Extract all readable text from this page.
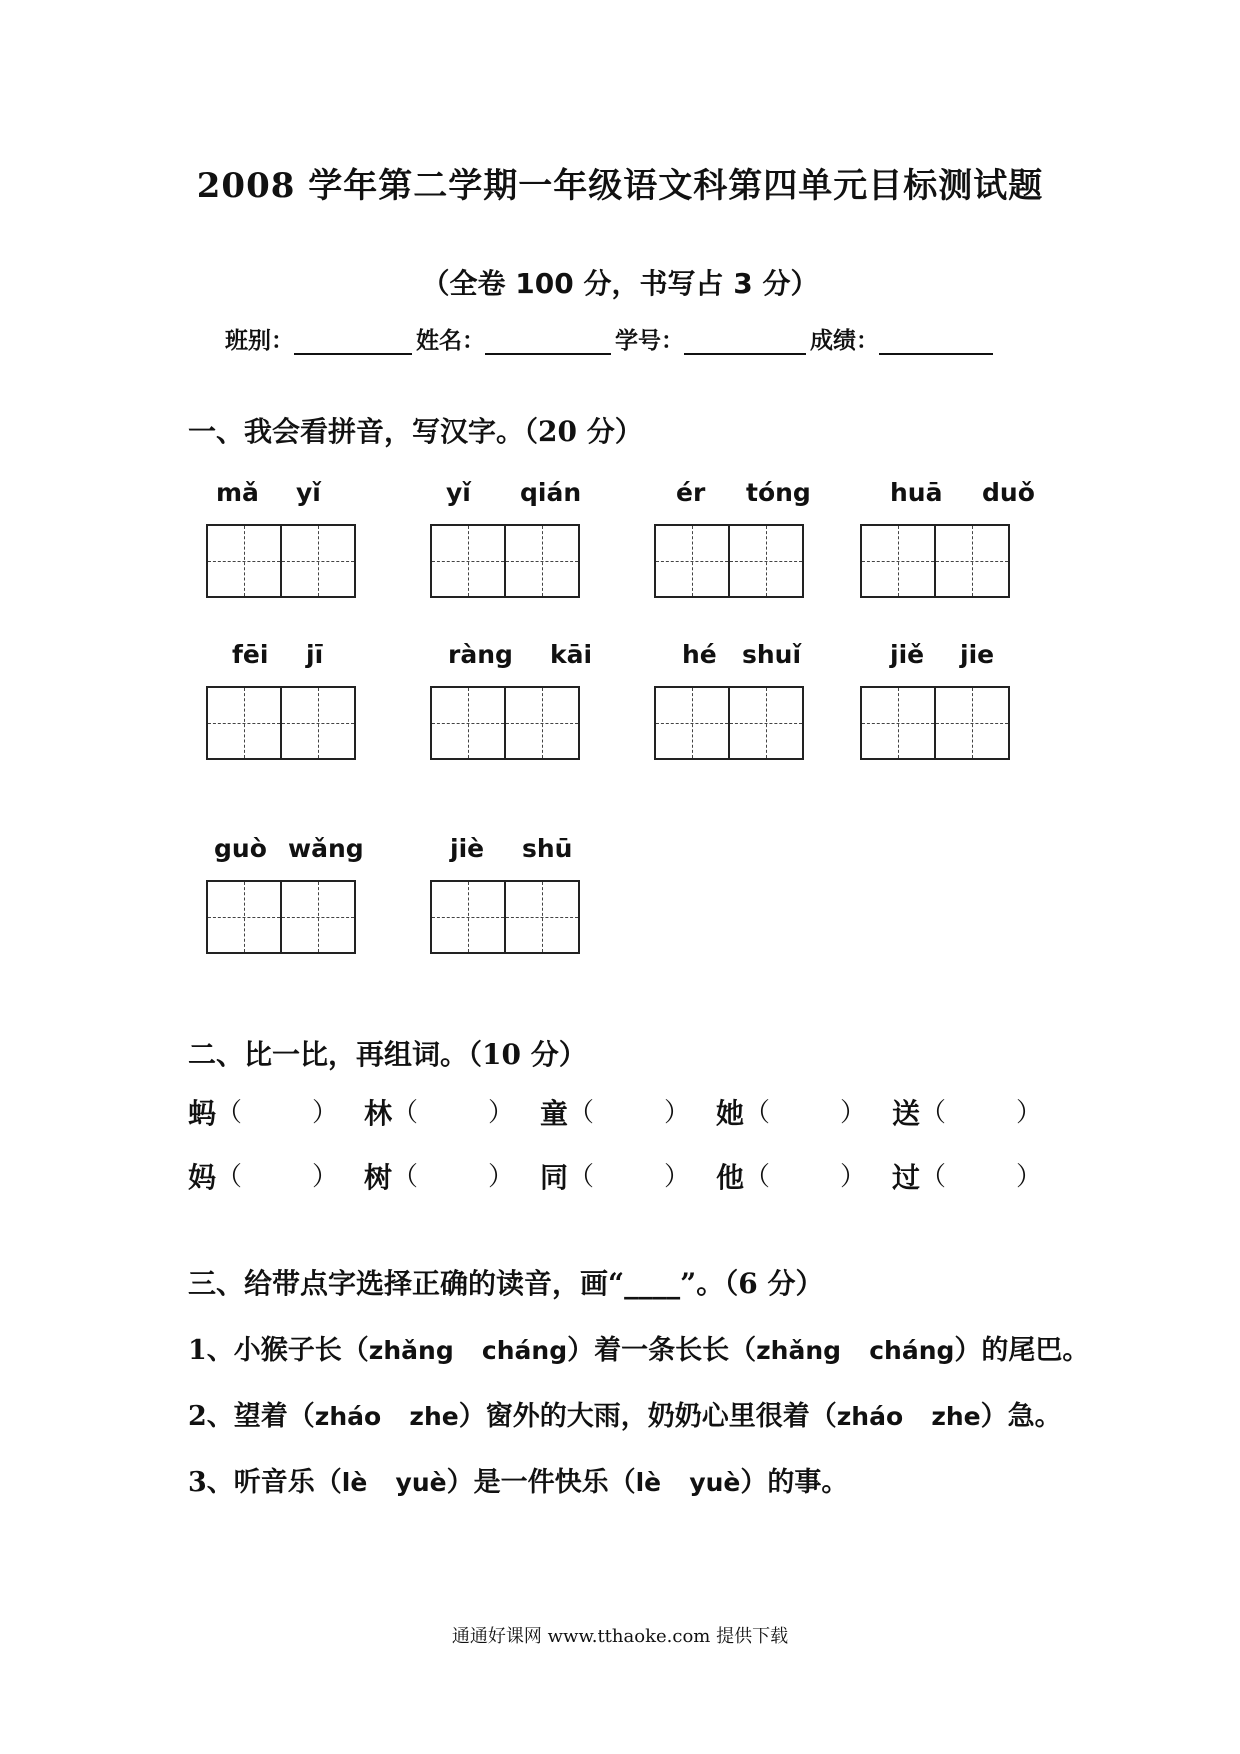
2008 学年第二学期一年级语文科第四单元目标测试题
（全卷 100 分，书写占 3 分）
班别：	姓名：	学号：	成绩：
一、我会看拼音，写汉字。（20 分）
mǎ yǐ	yǐ qián	ér tóng	huā duǒ
fēi jī	ràng kāi	hé shuǐ	jiě jie
guò wǎng	jiè shū
二、比一比，再组词。（10 分）
蚂 （	） 林 （	） 童 （	） 她 （	） 送 （	）
妈 （	） 树 （	） 同 （	） 他 （	） 过 （	）
三、给带点字选择正确的读音，画“____”。（6 分）
1、小猴子长（zhǎng cháng）着一条长长（zhǎng cháng）的尾巴。
2、望着（zháo zhe）窗外的大雨，奶奶心里很着（zháo zhe）急。
3、听音乐（lè yuè）是一件快乐（lè yuè）的事。
通通好课网 www.tthaoke.com 提供下载
